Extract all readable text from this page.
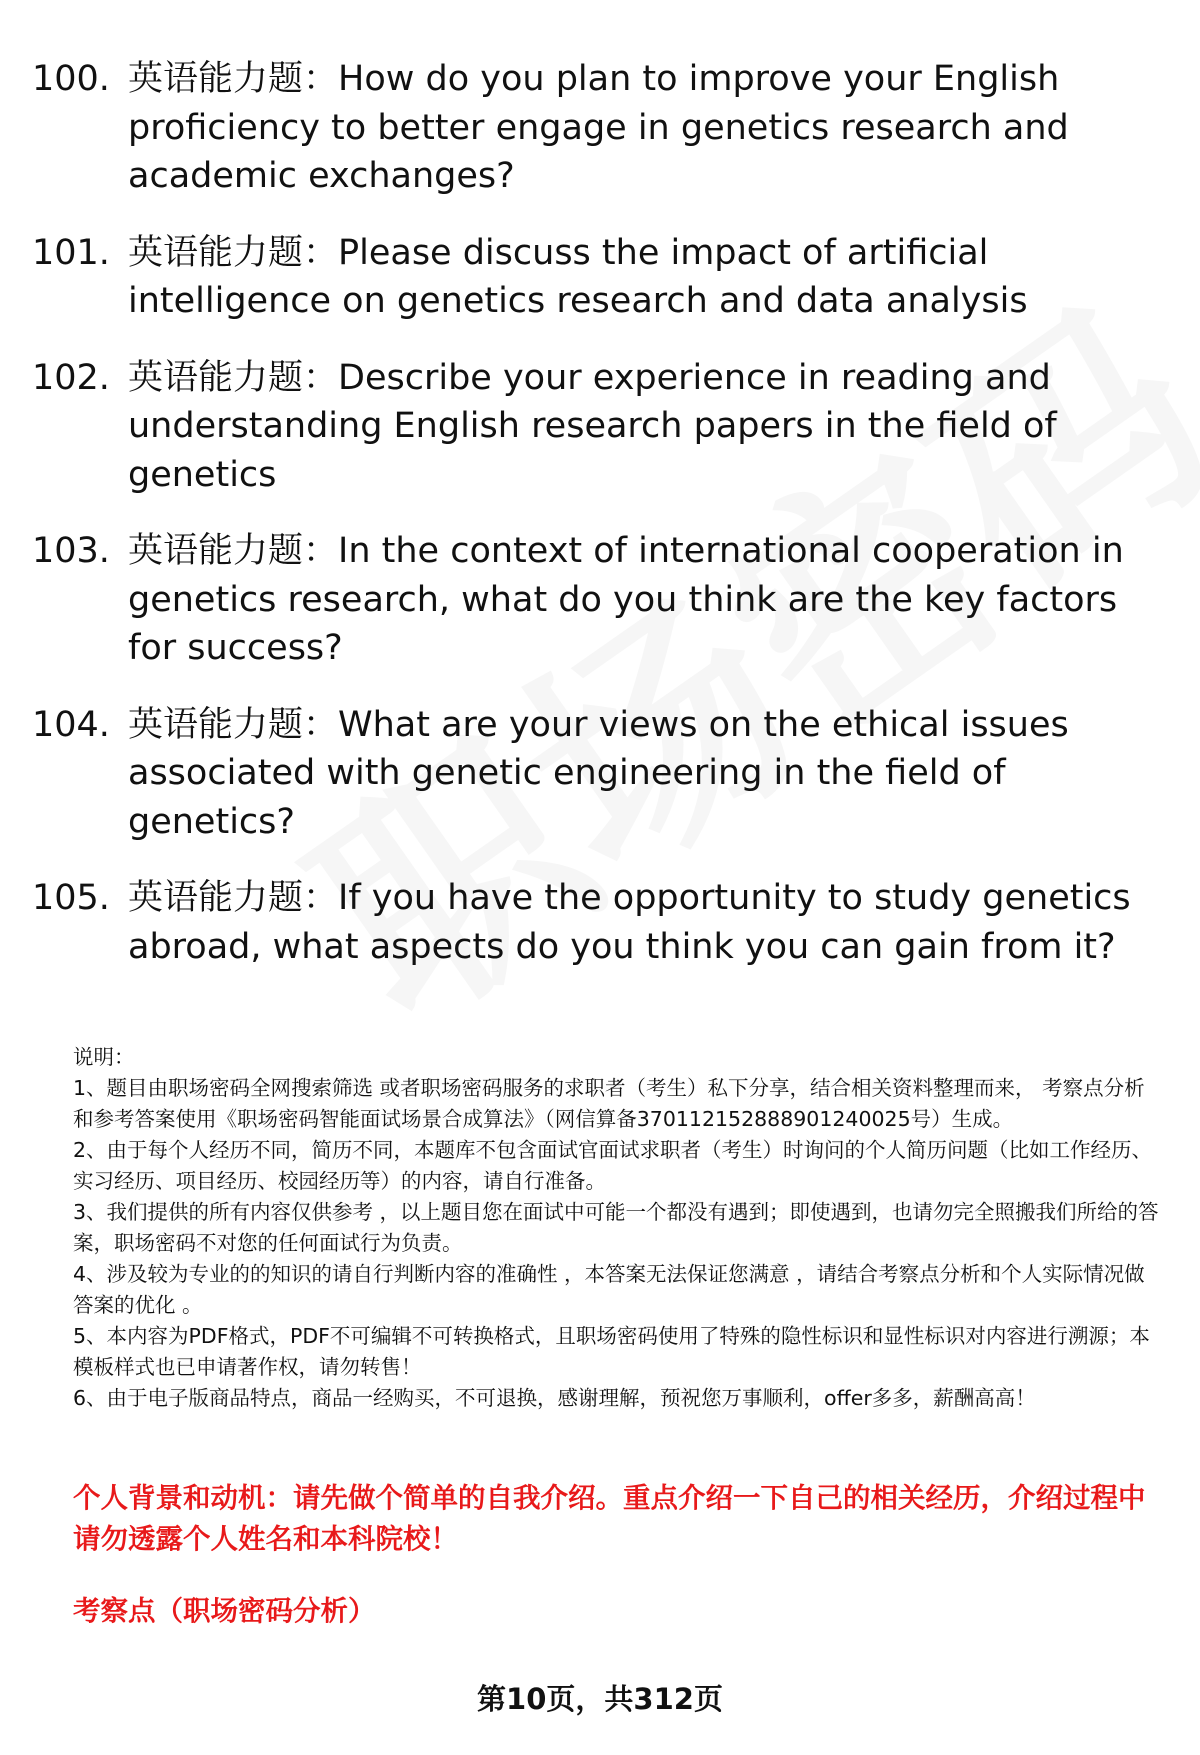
100. 英语能力题：How do you plan to improve your English proficiency to better engage in genetics research and academic exchanges?
101. 英语能力题：Please discuss the impact of artificial intelligence on genetics research and data analysis
102. 英语能力题：Describe your experience in reading and understanding English research papers in the field of genetics
103. 英语能力题：In the context of international cooperation in genetics research, what do you think are the key factors for success?
104. 英语能力题：What are your views on the ethical issues associated with genetic engineering in the field of genetics?
105. 英语能力题：If you have the opportunity to study genetics abroad, what aspects do you think you can gain from it?

说明：

1、题目由职场密码全网搜索筛选 或者职场密码服务的求职者（考生）私下分享，结合相关资料整理而来， 考察点分析和参考答案使用《职场密码智能面试场景合成算法》（网信算备370112152888901240025号）生成。

2、由于每个人经历不同，简历不同，本题库不包含面试官面试求职者（考生）时询问的个人简历问题（比如工作经历、实习经历、项目经历、校园经历等）的内容，请自行准备。

3、我们提供的所有内容仅供参考 ，以上题目您在面试中可能一个都没有遇到；即使遇到，也请勿完全照搬我们所给的答案，职场密码不对您的任何面试行为负责。

4、涉及较为专业的的知识的请自行判断内容的准确性 ，本答案无法保证您满意 ，请结合考察点分析和个人实际情况做答案的优化 。

5、本内容为PDF格式，PDF不可编辑不可转换格式，且职场密码使用了特殊的隐性标识和显性标识对内容进行溯源；本模板样式也已申请著作权，请勿转售！

6、由于电子版商品特点，商品一经购买，不可退换，感谢理解，预祝您万事顺利，offer多多，薪酬高高！

个人背景和动机：请先做个简单的自我介绍。重点介绍一下自己的相关经历，介绍过程中请勿透露个人姓名和本科院校！
考察点（职场密码分析）
第10页，共312页
